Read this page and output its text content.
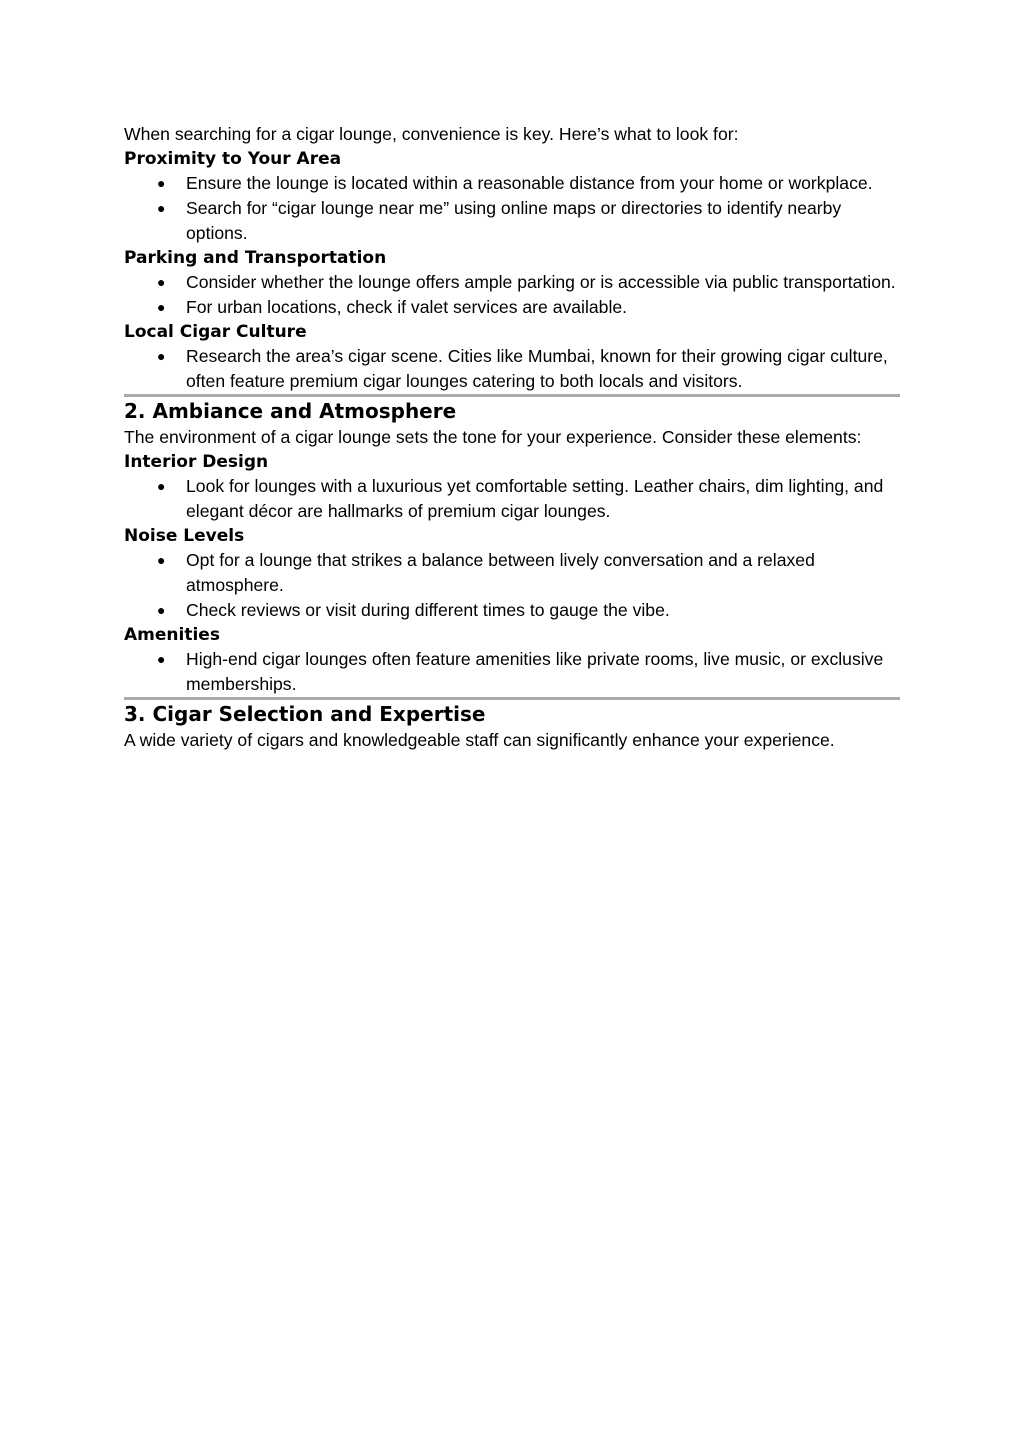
When searching for a cigar lounge, convenience is key. Here’s what to look for:

Proximity to Your Area
● Ensure the lounge is located within a reasonable distance from your home or workplace.
● Search for “cigar lounge near me” using online maps or directories to identify nearby options.
Parking and Transportation
● Consider whether the lounge offers ample parking or is accessible via public transportation.
● For urban locations, check if valet services are available.
Local Cigar Culture
● Research the area’s cigar scene. Cities like Mumbai, known for their growing cigar culture, often feature premium cigar lounges catering to both locals and visitors.
2. Ambiance and Atmosphere

The environment of a cigar lounge sets the tone for your experience. Consider these elements:

Interior Design
● Look for lounges with a luxurious yet comfortable setting. Leather chairs, dim lighting, and elegant décor are hallmarks of premium cigar lounges.
Noise Levels
● Opt for a lounge that strikes a balance between lively conversation and a relaxed atmosphere.
● Check reviews or visit during different times to gauge the vibe.
Amenities
● High-end cigar lounges often feature amenities like private rooms, live music, or exclusive memberships.
3. Cigar Selection and Expertise

A wide variety of cigars and knowledgeable staff can significantly enhance your experience.
